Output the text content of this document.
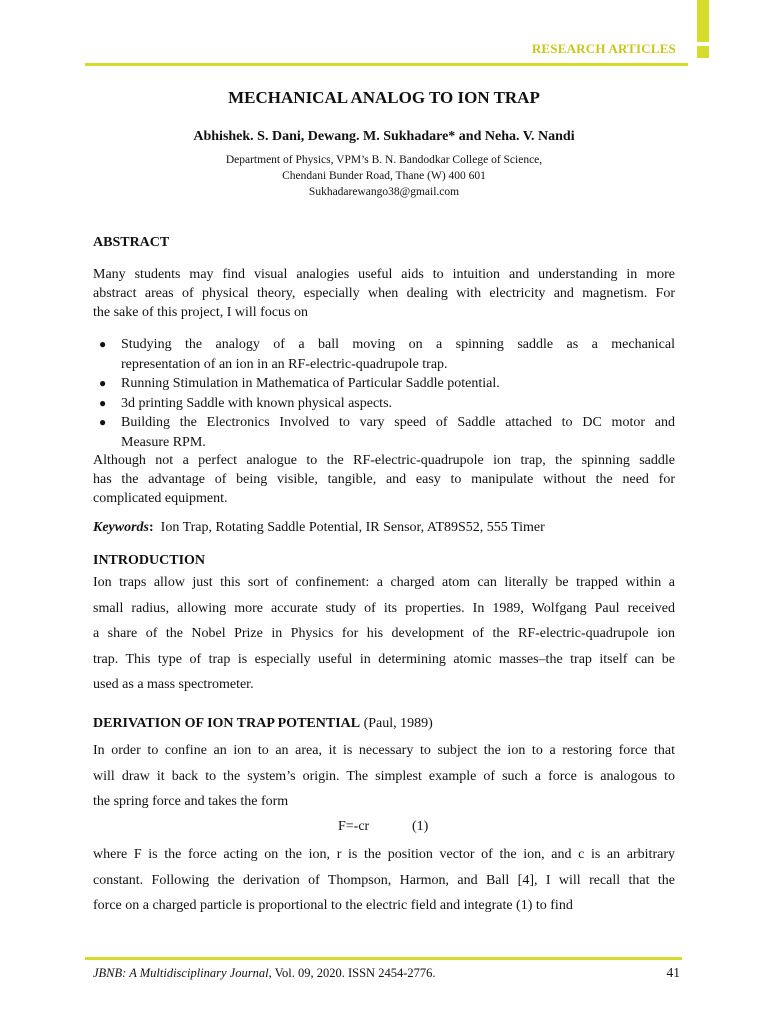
RESEARCH ARTICLES
MECHANICAL ANALOG TO ION TRAP
Abhishek. S. Dani, Dewang. M. Sukhadare* and Neha. V. Nandi
Department of Physics, VPM’s B. N. Bandodkar College of Science,
Chendani Bunder Road, Thane (W) 400 601
Sukhadarewango38@gmail.com
ABSTRACT
Many students may find visual analogies useful aids to intuition and understanding in more
abstract areas of physical theory, especially when dealing with electricity and magnetism. For
the sake of this project, I will focus on
● Studying the analogy of a ball moving on a spinning saddle as a mechanical
representation of an ion in an RF-electric-quadrupole trap.
● Running Stimulation in Mathematica of Particular Saddle potential.
● 3d printing Saddle with known physical aspects.
● Building the Electronics Involved to vary speed of Saddle attached to DC motor and
Measure RPM.
Although not a perfect analogue to the RF-electric-quadrupole ion trap, the spinning saddle
has the advantage of being visible, tangible, and easy to manipulate without the need for
complicated equipment.
Keywords: Ion Trap, Rotating Saddle Potential, IR Sensor, AT89S52, 555 Timer
INTRODUCTION
Ion traps allow just this sort of confinement: a charged atom can literally be trapped within a
small radius, allowing more accurate study of its properties. In 1989, Wolfgang Paul received
a share of the Nobel Prize in Physics for his development of the RF-electric-quadrupole ion
trap. This type of trap is especially useful in determining atomic masses–the trap itself can be
used as a mass spectrometer.
DERIVATION OF ION TRAP POTENTIAL (Paul, 1989)
In order to confine an ion to an area, it is necessary to subject the ion to a restoring force that
will draw it back to the system’s origin. The simplest example of such a force is analogous to
the spring force and takes the form
F=-cr	(1)
where F is the force acting on the ion, r is the position vector of the ion, and c is an arbitrary
constant. Following the derivation of Thompson, Harmon, and Ball [4], I will recall that the
force on a charged particle is proportional to the electric field and integrate (1) to find
JBNB: A Multidisciplinary Journal, Vol. 09, 2020. ISSN 2454-2776.	41
